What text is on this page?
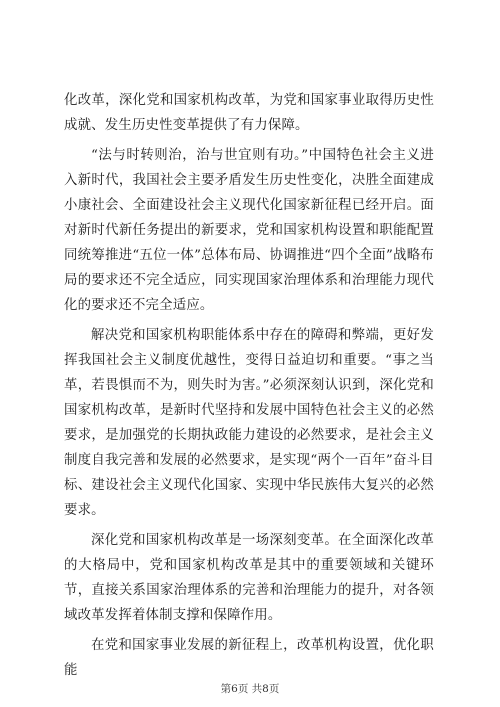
化改革，深化党和国家机构改革，为党和国家事业取得历史性成就、发生历史性变革提供了有力保障。

“法与时转则治，治与世宜则有功。”中国特色社会主义进入新时代，我国社会主要矛盾发生历史性变化，决胜全面建成小康社会、全面建设社会主义现代化国家新征程已经开启。面对新时代新任务提出的新要求，党和国家机构设置和职能配置同统筹推进“五位一体”总体布局、协调推进“四个全面”战略布局的要求还不完全适应，同实现国家治理体系和治理能力现代化的要求还不完全适应。

解决党和国家机构职能体系中存在的障碍和弊端，更好发挥我国社会主义制度优越性，变得日益迫切和重要。“事之当革，若畏惧而不为，则失时为害。”必须深刻认识到，深化党和国家机构改革，是新时代坚持和发展中国特色社会主义的必然要求，是加强党的长期执政能力建设的必然要求，是社会主义制度自我完善和发展的必然要求，是实现“两个一百年”奋斗目标、建设社会主义现代化国家、实现中华民族伟大复兴的必然要求。

深化党和国家机构改革是一场深刻变革。在全面深化改革的大格局中，党和国家机构改革是其中的重要领域和关键环节，直接关系国家治理体系的完善和治理能力的提升，对各领域改革发挥着体制支撑和保障作用。

在党和国家事业发展的新征程上，改革机构设置，优化职能

第6页 共8页
